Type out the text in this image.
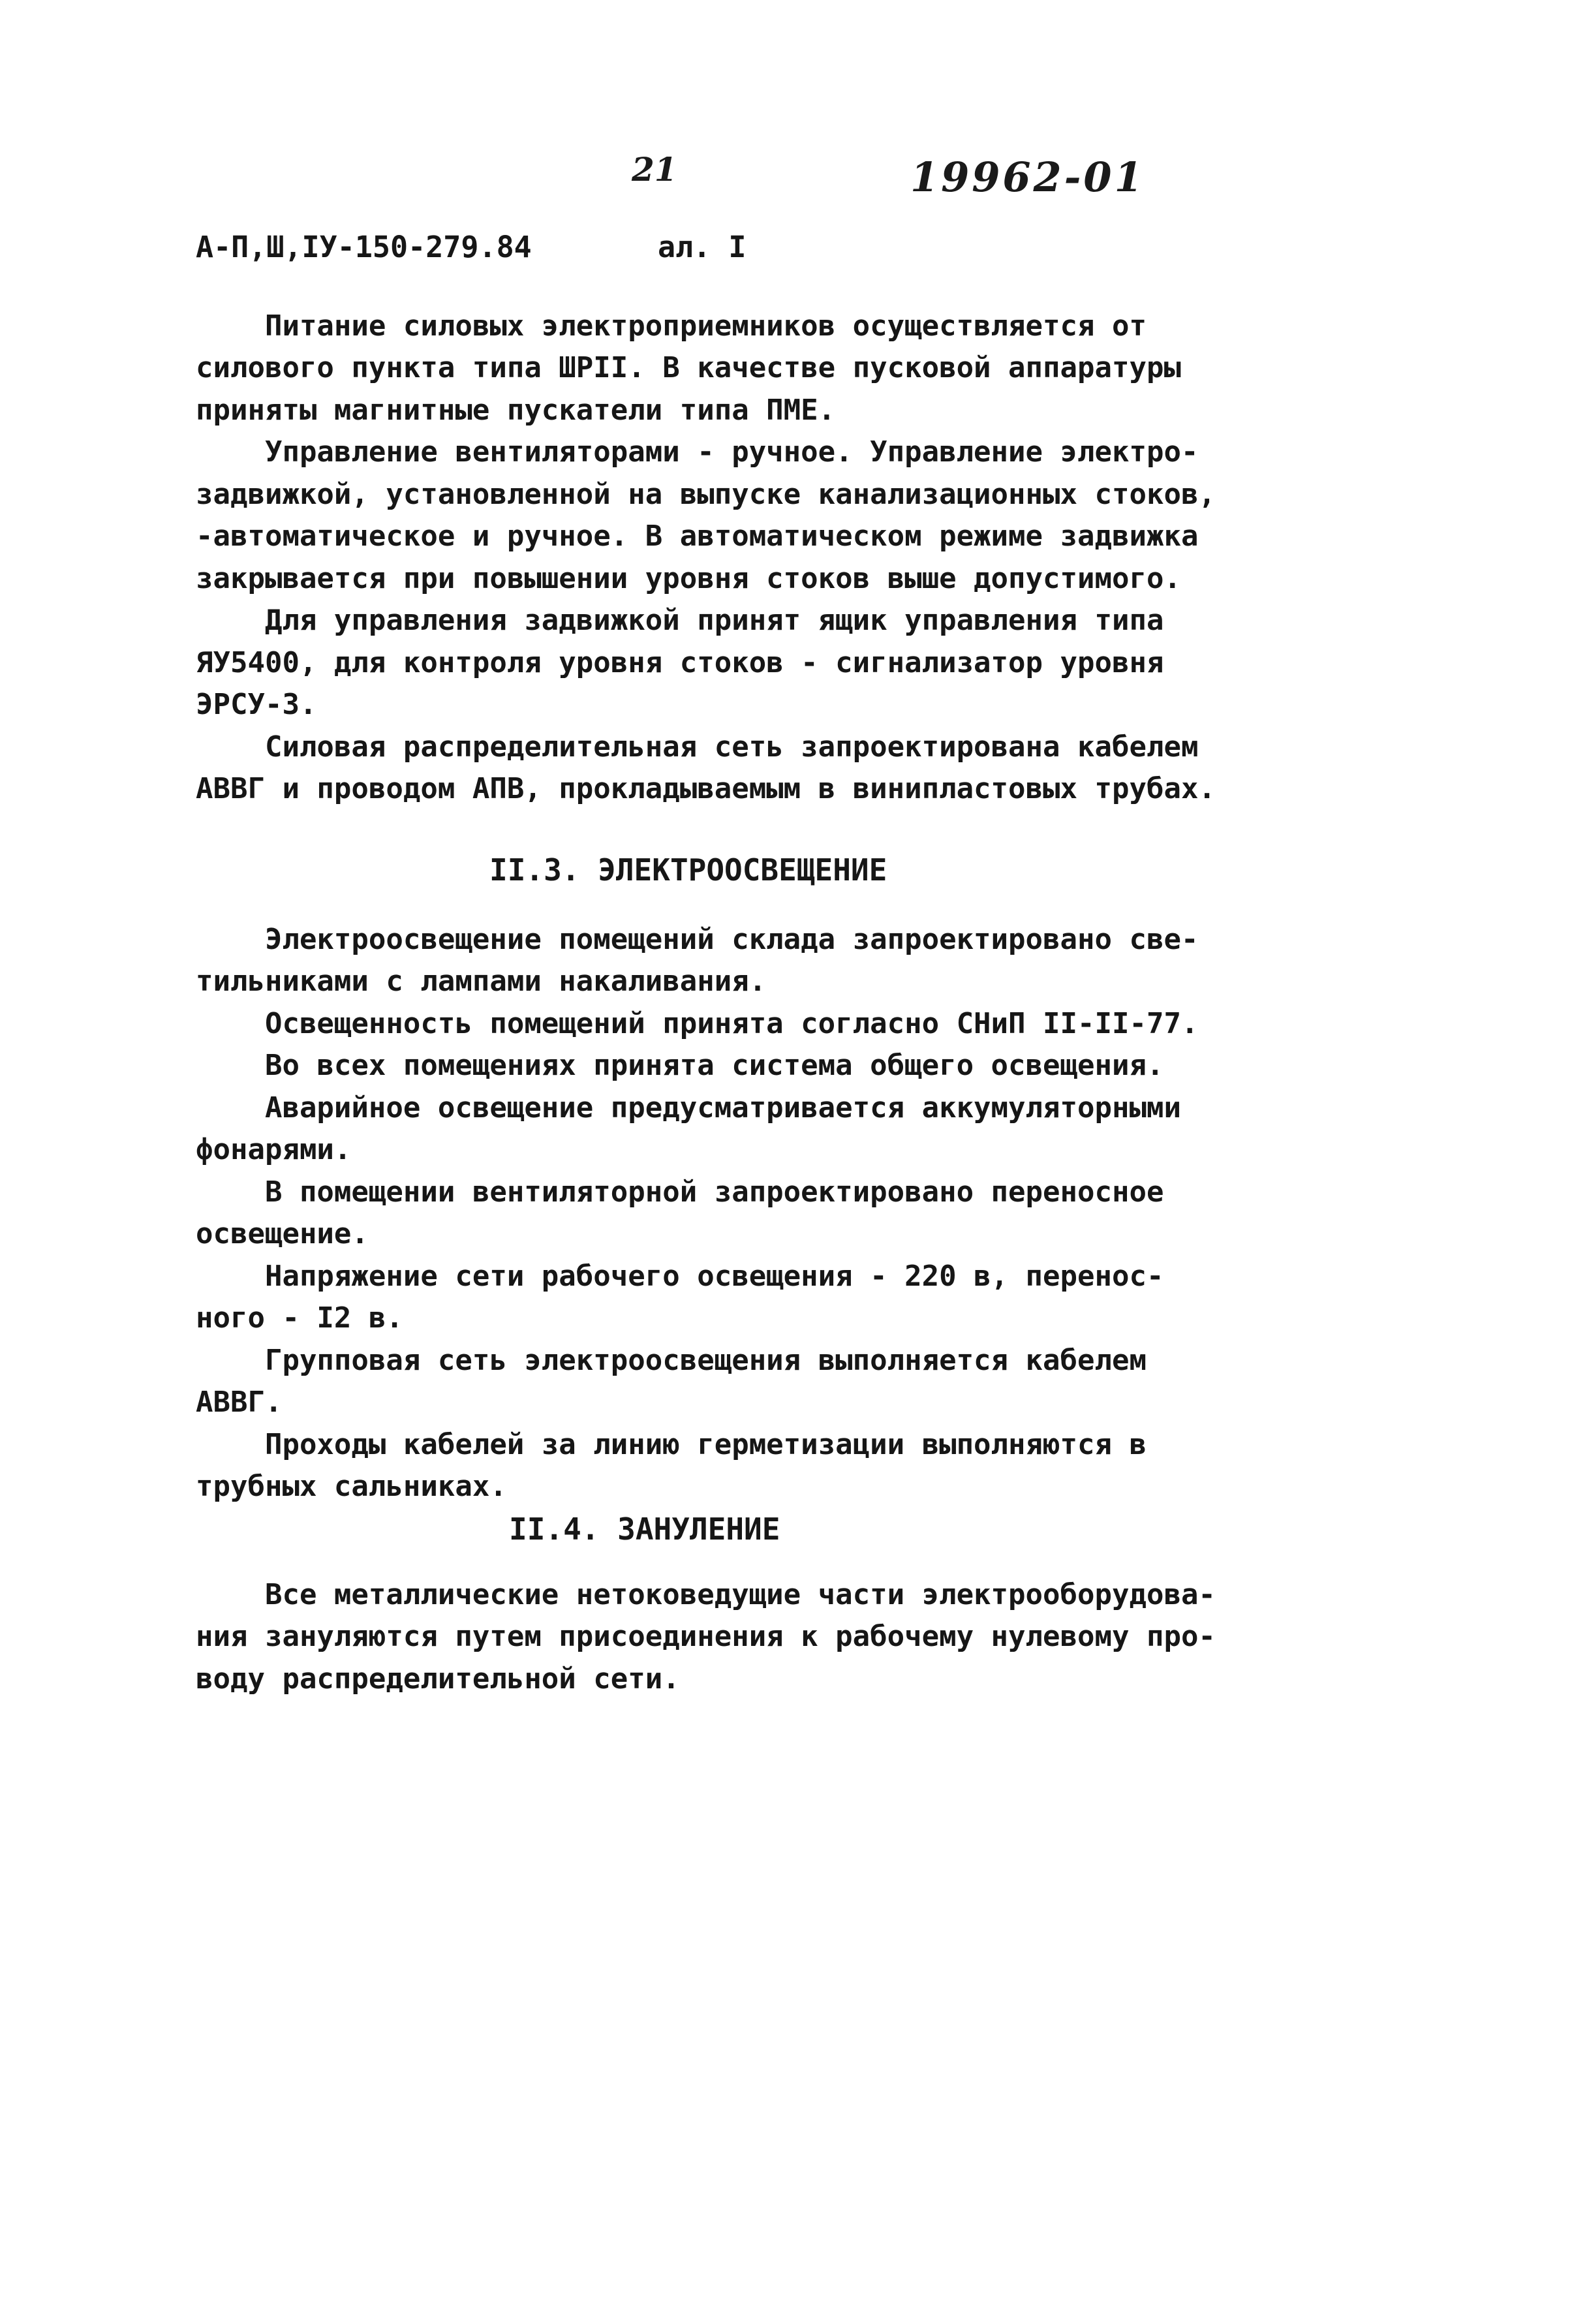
21	19962-01
А-П,Ш,ІУ-150-279.84	ал. I
Питание силовых электроприемников осуществляется от
силового пункта типа ШРII. В качестве пусковой аппаратуры
приняты магнитные пускатели типа ПМЕ.
Управление вентиляторами - ручное. Управление электро-
задвижкой, установленной на выпуске канализационных стоков,
-автоматическое и ручное. В автоматическом режиме задвижка
закрывается при повышении уровня стоков выше допустимого.
Для управления задвижкой принят ящик управления типа
ЯУ5400, для контроля уровня стоков - сигнализатор уровня
ЭРСУ-3.
Силовая распределительная сеть запроектирована кабелем
АВВГ и проводом АПВ, прокладываемым в винипластовых трубах.
II.3. ЭЛЕКТРООСВЕЩЕНИЕ
Электроосвещение помещений склада запроектировано све-
тильниками с лампами накаливания.
Освещенность помещений принята согласно СНиП II-II-77.
Во всех помещениях принята система общего освещения.
Аварийное освещение предусматривается аккумуляторными
фонарями.
В помещении вентиляторной запроектировано переносное
освещение.
Напряжение сети рабочего освещения - 220 в, перенос-
ного - I2 в.
Групповая сеть электроосвещения выполняется кабелем
АВВГ.
Проходы кабелей за линию герметизации выполняются в
трубных сальниках.
II.4. ЗАНУЛЕНИЕ
Все металлические нетоковедущие части электрооборудова-
ния зануляются путем присоединения к рабочему нулевому про-
воду распределительной сети.
